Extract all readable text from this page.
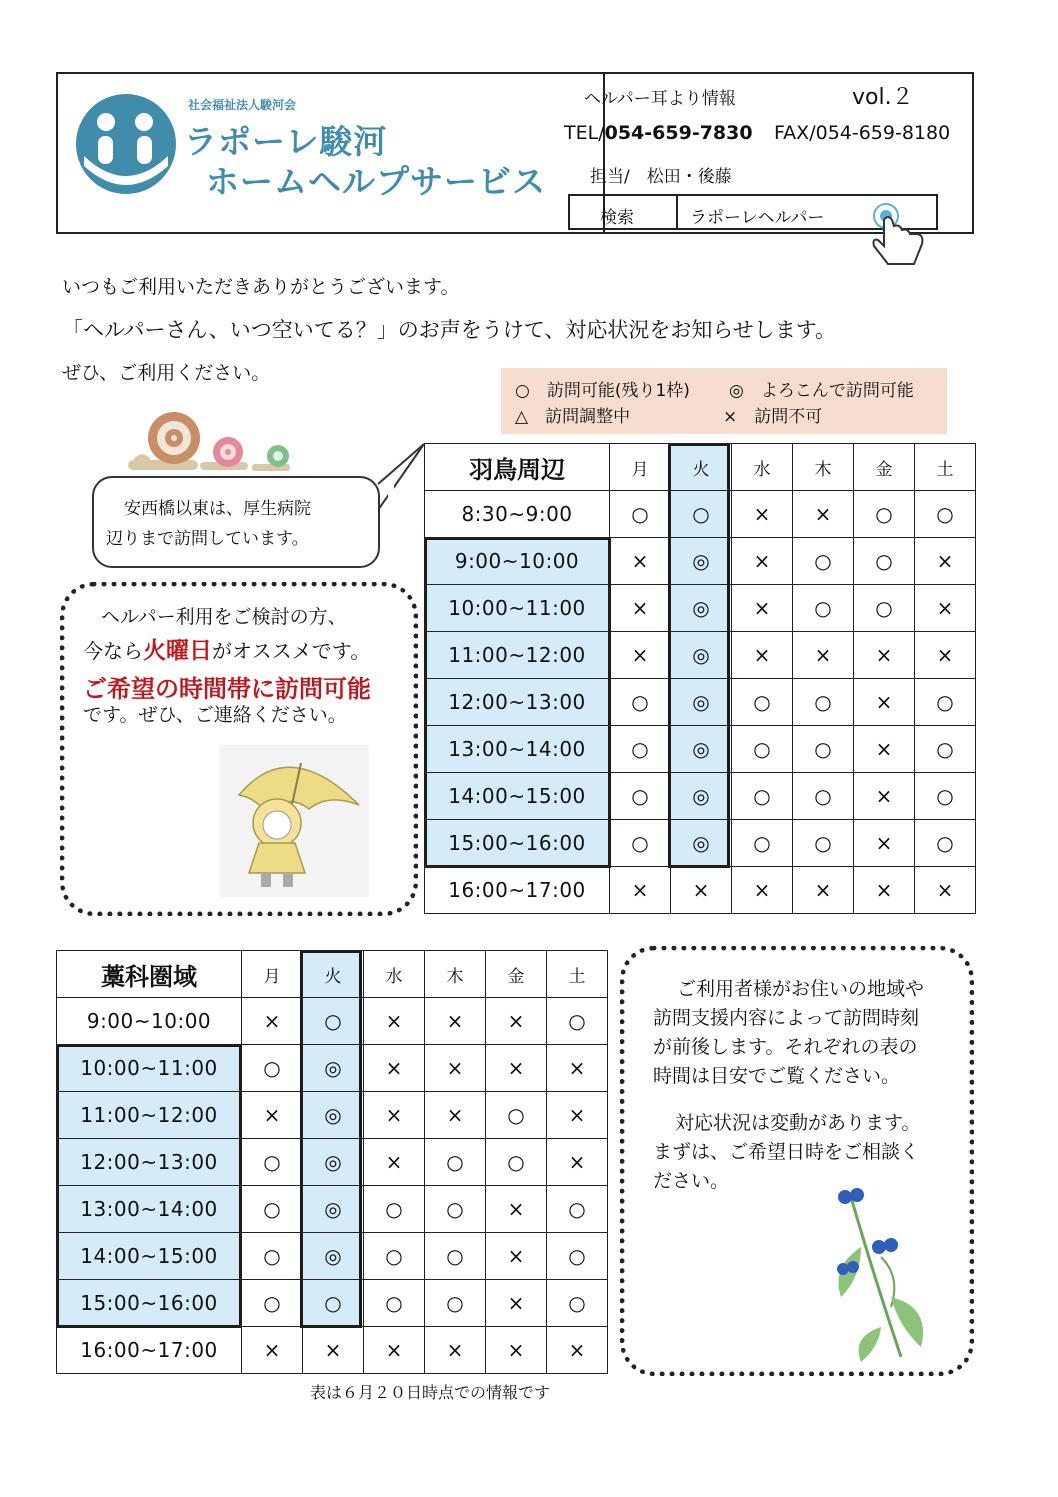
社会福祉法人駿河会
ラポーレ駿河
ホームヘルプサービス
ヘルパー耳より情報	vol.２
TEL/054-659-7830 FAX/054-659-8180
担当/　松田・後藤
検索	ラポーレヘルパー
いつもご利用いただきありがとうございます。
「ヘルパーさん、いつ空いてる？」のお声をうけて、対応状況をお知らせします。
ぜひ、ご利用ください。
○　訪問可能(残り1枠) ◎　よろこんで訪問可能
△　訪問調整中	×　訪問不可
安西橋以東は、厚生病院
辺りまで訪問しています。
ヘルパー利用をご検討の方、
今なら火曜日がオススメです。
ご希望の時間帯に訪問可能
です。ぜひ、ご連絡ください。
羽鳥周辺	月	火	水	木	金	土
8:30~9:00	○	○	×	×	○	○
9:00~10:00	×	◎	×	○	○	×
10:00~11:00	×	◎	×	○	○	×
11:00~12:00	×	◎	×	×	×	×
12:00~13:00	○	◎	○	○	×	○
13:00~14:00	○	◎	○	○	×	○
14:00~15:00	○	◎	○	○	×	○
15:00~16:00	○	◎	○	○	×	○
16:00~17:00	×	×	×	×	×	×
藁科圏域	月	火	水	木	金	土
9:00~10:00	×	○	×	×	×	○
10:00~11:00	○	◎	×	×	×	×
11:00~12:00	×	◎	×	×	○	×
12:00~13:00	○	◎	×	○	○	×
13:00~14:00	○	◎	○	○	×	○
14:00~15:00	○	◎	○	○	×	○
15:00~16:00	○	○	○	○	×	○
16:00~17:00	×	×	×	×	×	×
表は６月２０日時点での情報です
ご利用者様がお住いの地域や
訪問支援内容によって訪問時刻
が前後します。それぞれの表の
時間は目安でご覧ください。
対応状況は変動があります。
まずは、ご希望日時をご相談く
ださい。
